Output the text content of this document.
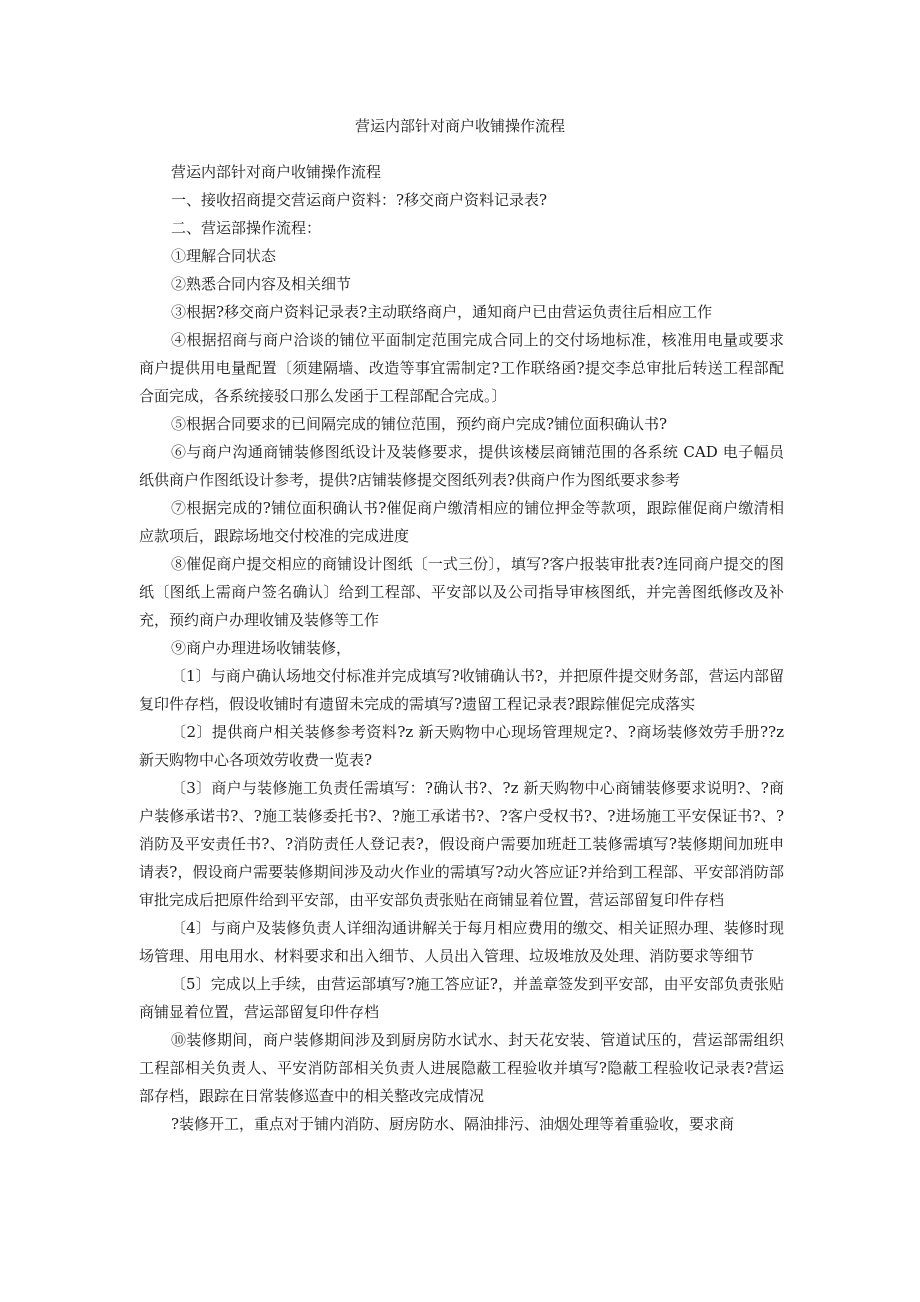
营运内部针对商户收铺操作流程

营运内部针对商户收铺操作流程

一、接收招商提交营运商户资料：?移交商户资料记录表?

二、营运部操作流程：

①理解合同状态

②熟悉合同内容及相关细节

③根据?移交商户资料记录表?主动联络商户，通知商户已由营运负责往后相应工作

④根据招商与商户洽谈的铺位平面制定范围完成合同上的交付场地标准，核准用电量或要求商户提供用电量配置〔须建隔墙、改造等事宜需制定?工作联络函?提交李总审批后转送工程部配合面完成，各系统接驳口那么发函于工程部配合完成。〕

⑤根据合同要求的已间隔完成的铺位范围，预约商户完成?铺位面积确认书?

⑥与商户沟通商铺装修图纸设计及装修要求，提供该楼层商铺范围的各系统 CAD 电子幅员纸供商户作图纸设计参考，提供?店铺装修提交图纸列表?供商户作为图纸要求参考

⑦根据完成的?铺位面积确认书?催促商户缴清相应的铺位押金等款项，跟踪催促商户缴清相应款项后，跟踪场地交付校准的完成进度

⑧催促商户提交相应的商铺设计图纸〔一式三份〕，填写?客户报装审批表?连同商户提交的图纸〔图纸上需商户签名确认〕给到工程部、平安部以及公司指导审核图纸，并完善图纸修改及补充，预约商户办理收铺及装修等工作

⑨商户办理进场收铺装修，

〔1〕与商户确认场地交付标准并完成填写?收铺确认书?，并把原件提交财务部，营运内部留复印件存档，假设收铺时有遗留未完成的需填写?遗留工程记录表?跟踪催促完成落实

〔2〕提供商户相关装修参考资料?z 新天购物中心现场管理规定?、?商场装修效劳手册??z 新天购物中心各项效劳收费一览表?

〔3〕商户与装修施工负责任需填写：?确认书?、?z 新天购物中心商铺装修要求说明?、?商户装修承诺书?、?施工装修委托书?、?施工承诺书?、?客户受权书?、?进场施工平安保证书?、?消防及平安责任书?、?消防责任人登记表?，假设商户需要加班赶工装修需填写?装修期间加班申请表?，假设商户需要装修期间涉及动火作业的需填写?动火答应证?并给到工程部、平安部消防部审批完成后把原件给到平安部，由平安部负责张贴在商铺显着位置，营运部留复印件存档

〔4〕与商户及装修负责人详细沟通讲解关于每月相应费用的缴交、相关证照办理、装修时现场管理、用电用水、材料要求和出入细节、人员出入管理、垃圾堆放及处理、消防要求等细节

〔5〕完成以上手续，由营运部填写?施工答应证?，并盖章签发到平安部，由平安部负责张贴商铺显着位置，营运部留复印件存档

⑩装修期间，商户装修期间涉及到厨房防水试水、封天花安装、管道试压的，营运部需组织工程部相关负责人、平安消防部相关负责人进展隐蔽工程验收并填写?隐蔽工程验收记录表?营运部存档，跟踪在日常装修巡查中的相关整改完成情况

?装修开工，重点对于铺内消防、厨房防水、隔油排污、油烟处理等着重验收，要求商
